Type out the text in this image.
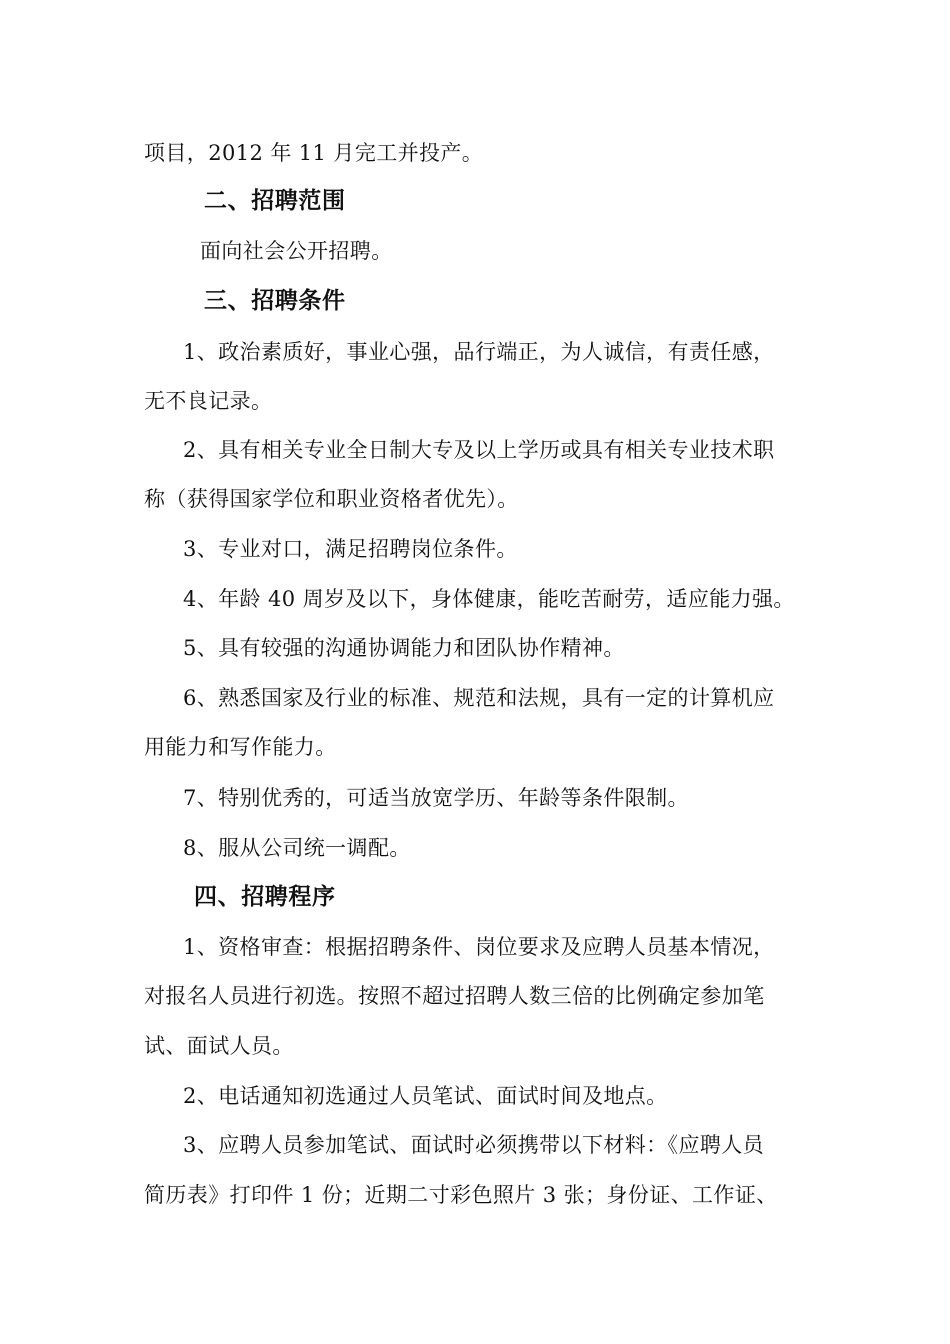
项目，2012 年 11 月完工并投产。
二、招聘范围
面向社会公开招聘。
三、招聘条件
1、政治素质好，事业心强，品行端正，为人诚信，有责任感，
无不良记录。
2、具有相关专业全日制大专及以上学历或具有相关专业技术职
称（获得国家学位和职业资格者优先）。
3、专业对口，满足招聘岗位条件。
4、年龄 40 周岁及以下，身体健康，能吃苦耐劳，适应能力强。
5、具有较强的沟通协调能力和团队协作精神。
6、熟悉国家及行业的标准、规范和法规，具有一定的计算机应
用能力和写作能力。
7、特别优秀的，可适当放宽学历、年龄等条件限制。
8、服从公司统一调配。
四、招聘程序
1、资格审查：根据招聘条件、岗位要求及应聘人员基本情况，
对报名人员进行初选。按照不超过招聘人数三倍的比例确定参加笔
试、面试人员。
2、电话通知初选通过人员笔试、面试时间及地点。
3、应聘人员参加笔试、面试时必须携带以下材料：《应聘人员
简历表》打印件 1 份；近期二寸彩色照片 3 张；身份证、工作证、
